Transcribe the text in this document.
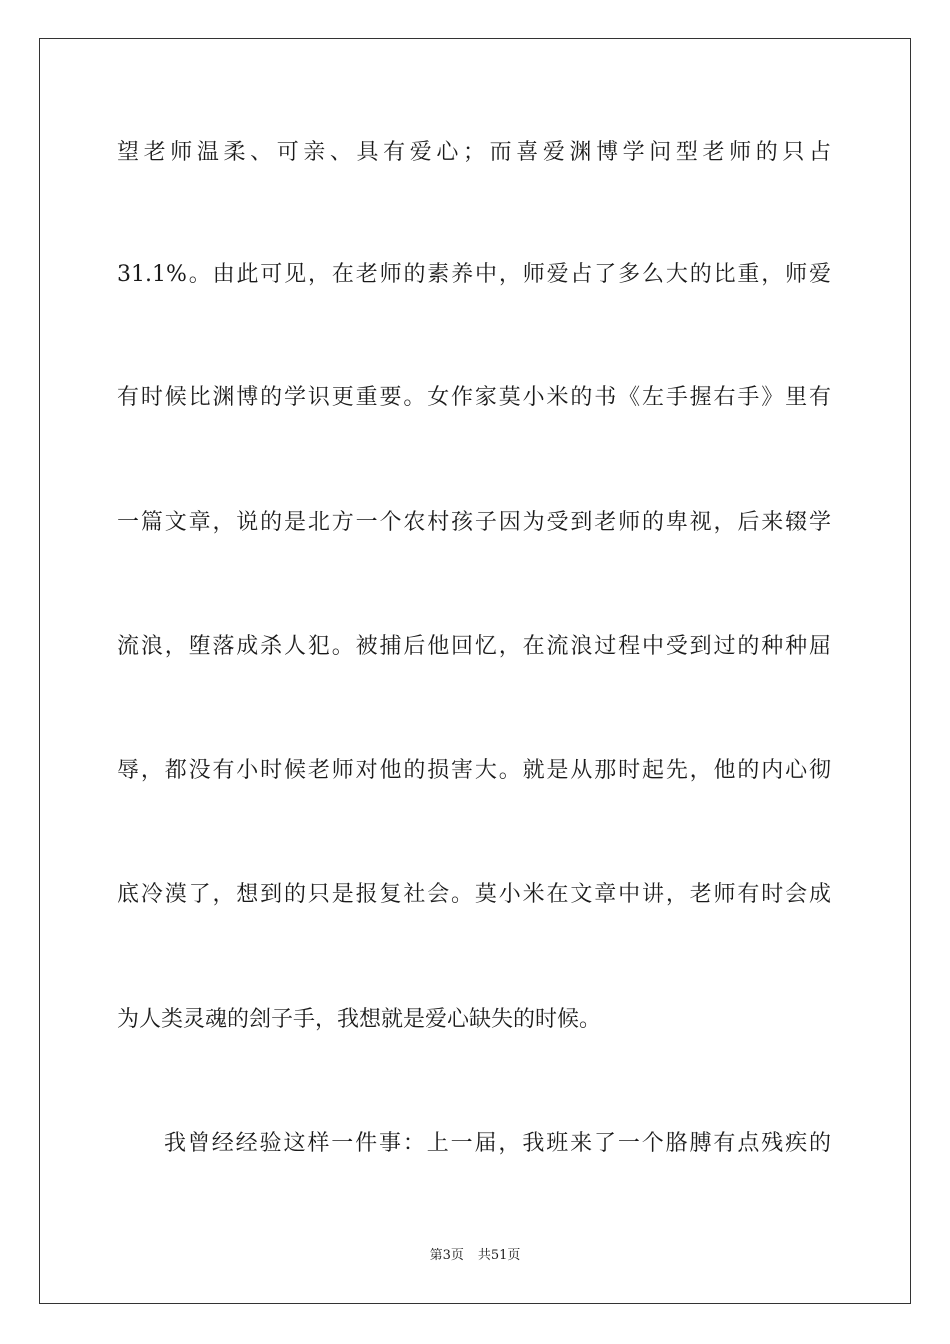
望老师温柔、可亲、具有爱心；而喜爱渊博学问型老师的只占
31.1%。由此可见，在老师的素养中，师爱占了多么大的比重，师爱
有时候比渊博的学识更重要。女作家莫小米的书《左手握右手》里有
一篇文章，说的是北方一个农村孩子因为受到老师的卑视，后来辍学
流浪，堕落成杀人犯。被捕后他回忆，在流浪过程中受到过的种种屈
辱，都没有小时候老师对他的损害大。就是从那时起先，他的内心彻
底冷漠了，想到的只是报复社会。莫小米在文章中讲，老师有时会成
为人类灵魂的刽子手，我想就是爱心缺失的时候。
我曾经经验这样一件事：上一届，我班来了一个胳膊有点残疾的
第3页 共51页
